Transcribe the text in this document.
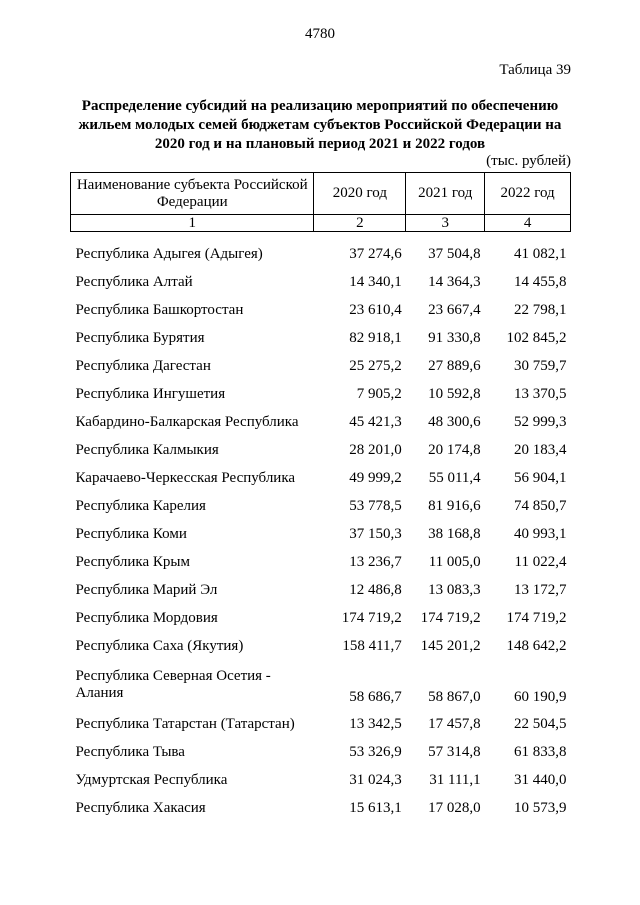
4780
Таблица 39
Распределение субсидий на реализацию мероприятий по обеспечению жильем молодых семей бюджетам субъектов Российской Федерации на 2020 год и на плановый период 2021 и 2022 годов
(тыс. рублей)
Наименование субъекта Российской Федерации	2020 год	2021 год	2022 год
1	2	3	4
Республика Адыгея (Адыгея)	37 274,6	37 504,8	41 082,1
Республика Алтай	14 340,1	14 364,3	14 455,8
Республика Башкортостан	23 610,4	23 667,4	22 798,1
Республика Бурятия	82 918,1	91 330,8	102 845,2
Республика Дагестан	25 275,2	27 889,6	30 759,7
Республика Ингушетия	7 905,2	10 592,8	13 370,5
Кабардино-Балкарская Республика	45 421,3	48 300,6	52 999,3
Республика Калмыкия	28 201,0	20 174,8	20 183,4
Карачаево-Черкесская Республика	49 999,2	55 011,4	56 904,1
Республика Карелия	53 778,5	81 916,6	74 850,7
Республика Коми	37 150,3	38 168,8	40 993,1
Республика Крым	13 236,7	11 005,0	11 022,4
Республика Марий Эл	12 486,8	13 083,3	13 172,7
Республика Мордовия	174 719,2	174 719,2	174 719,2
Республика Саха (Якутия)	158 411,7	145 201,2	148 642,2
Республика Северная Осетия - Алания	58 686,7	58 867,0	60 190,9
Республика Татарстан (Татарстан)	13 342,5	17 457,8	22 504,5
Республика Тыва	53 326,9	57 314,8	61 833,8
Удмуртская Республика	31 024,3	31 111,1	31 440,0
Республика Хакасия	15 613,1	17 028,0	10 573,9
